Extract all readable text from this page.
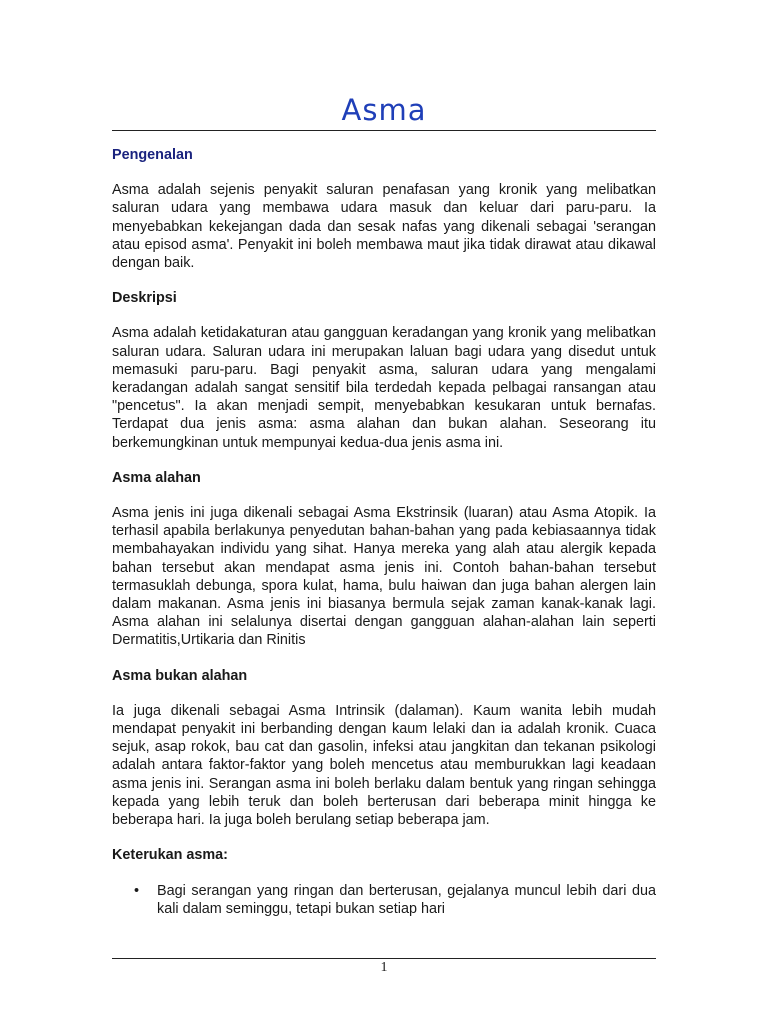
Asma
Pengenalan

Asma adalah sejenis penyakit saluran penafasan yang kronik yang melibatkan saluran udara yang membawa udara masuk dan keluar dari paru-paru. Ia menyebabkan kekejangan dada dan sesak nafas yang dikenali sebagai 'serangan atau episod asma'. Penyakit ini boleh membawa maut jika tidak dirawat atau dikawal dengan baik.

Deskripsi

Asma adalah ketidakaturan atau gangguan keradangan yang kronik yang melibatkan saluran udara. Saluran udara ini merupakan laluan bagi udara yang disedut untuk memasuki paru-paru. Bagi penyakit asma, saluran udara yang mengalami keradangan adalah sangat sensitif bila terdedah kepada pelbagai ransangan atau "pencetus". Ia akan menjadi sempit, menyebabkan kesukaran untuk bernafas. Terdapat dua jenis asma: asma alahan dan bukan alahan. Seseorang itu berkemungkinan untuk mempunyai kedua-dua jenis asma ini.

Asma alahan

Asma jenis ini juga dikenali sebagai Asma Ekstrinsik (luaran) atau Asma Atopik. Ia terhasil apabila berlakunya penyedutan bahan-bahan yang pada kebiasaannya tidak membahayakan individu yang sihat. Hanya mereka yang alah atau alergik kepada bahan tersebut akan mendapat asma jenis ini. Contoh bahan-bahan tersebut termasuklah debunga, spora kulat, hama, bulu haiwan dan juga bahan alergen lain dalam makanan. Asma jenis ini biasanya bermula sejak zaman kanak-kanak lagi. Asma alahan ini selalunya disertai dengan gangguan alahan-alahan lain seperti Dermatitis,Urtikaria dan Rinitis

Asma bukan alahan

Ia juga dikenali sebagai Asma Intrinsik (dalaman). Kaum wanita lebih mudah mendapat penyakit ini berbanding dengan kaum lelaki dan ia adalah kronik. Cuaca sejuk, asap rokok, bau cat dan gasolin, infeksi atau jangkitan dan tekanan psikologi adalah antara faktor-faktor yang boleh mencetus atau memburukkan lagi keadaan asma jenis ini. Serangan asma ini boleh berlaku dalam bentuk yang ringan sehingga kepada yang lebih teruk dan boleh berterusan dari beberapa minit hingga ke beberapa hari. Ia juga boleh berulang setiap beberapa jam.

Keterukan asma:
• Bagi serangan yang ringan dan berterusan, gejalanya muncul lebih dari dua kali dalam seminggu, tetapi bukan setiap hari
1
